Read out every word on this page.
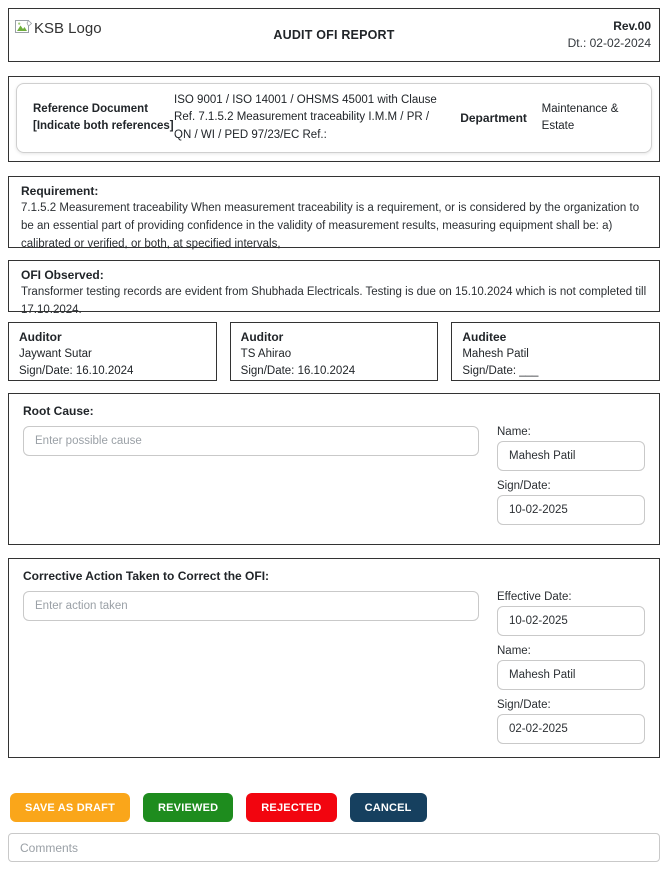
KSB Logo	AUDIT OFI REPORT
Rev.00
Dt.: 02-02-2024
Reference Document [Indicate both references]
ISO 9001 / ISO 14001 / OHSMS 45001 with Clause Ref. 7.1.5.2 Measurement traceability I.M.M / PR / QN / WI / PED 97/23/EC Ref.:
Department
Maintenance & Estate
Requirement:
7.1.5.2 Measurement traceability When measurement traceability is a requirement, or is considered by the organization to be an essential part of providing confidence in the validity of measurement results, measuring equipment shall be: a) calibrated or verified, or both, at specified intervals,
OFI Observed:
Transformer testing records are evident from Shubhada Electricals. Testing is due on 15.10.2024 which is not completed till 17.10.2024.
Auditor
Jaywant Sutar
Sign/Date: 16.10.2024
Auditor
TS Ahirao
Sign/Date: 16.10.2024
Auditee
Mahesh Patil
Sign/Date: ___
Root Cause:
Enter possible cause
Name:
Mahesh Patil
Sign/Date:
10-02-2025
Corrective Action Taken to Correct the OFI:
Enter action taken
Effective Date:
10-02-2025
Name:
Mahesh Patil
Sign/Date:
02-02-2025
SAVE AS DRAFT	REVIEWED	REJECTED	CANCEL
Comments
